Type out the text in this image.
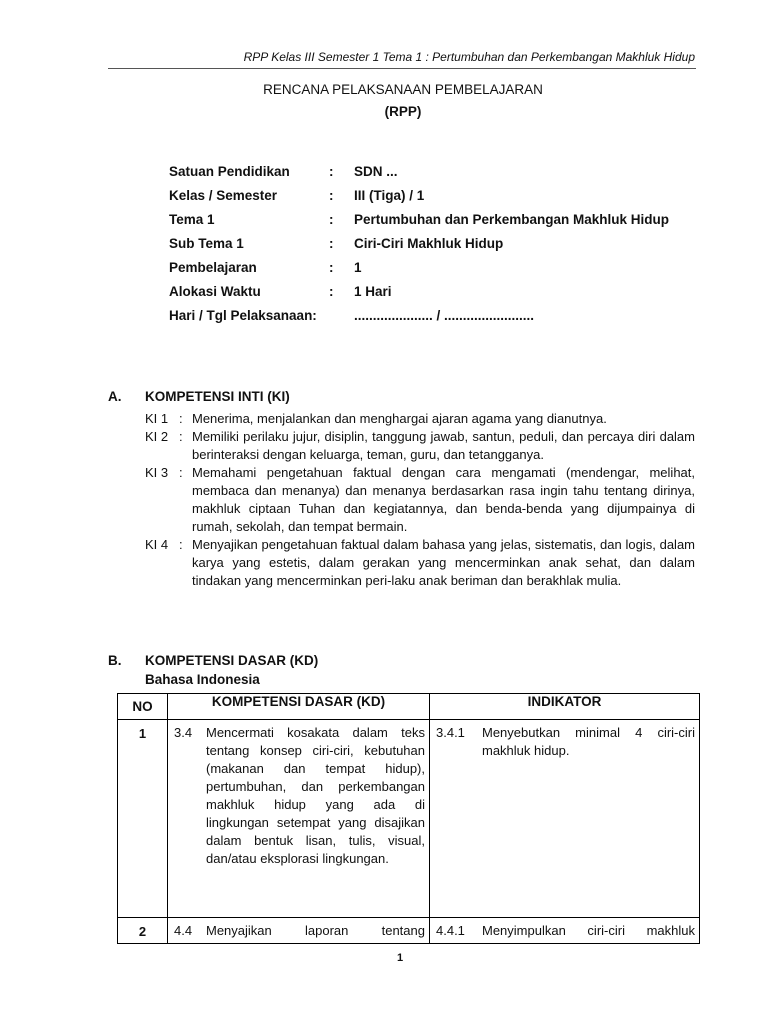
RPP Kelas III Semester 1 Tema 1 : Pertumbuhan dan Perkembangan Makhluk Hidup
RENCANA PELAKSANAAN PEMBELAJARAN
(RPP)
Satuan Pendidikan	:	SDN ...
Kelas / Semester	:	III (Tiga) / 1
Tema 1	:	Pertumbuhan dan Perkembangan Makhluk Hidup
Sub Tema 1	:	Ciri-Ciri Makhluk Hidup
Pembelajaran	:	1
Alokasi Waktu	:	1 Hari
Hari / Tgl Pelaksanaan:	..................... / ........................
A. KOMPETENSI INTI (KI)
KI 1 : Menerima, menjalankan dan menghargai ajaran agama yang dianutnya.
KI 2 : Memiliki perilaku jujur, disiplin, tanggung jawab, santun, peduli, dan percaya diri dalam berinteraksi dengan keluarga, teman, guru, dan tetangganya.
KI 3 : Memahami pengetahuan faktual dengan cara mengamati (mendengar, melihat, membaca dan menanya) dan menanya berdasarkan rasa ingin tahu tentang dirinya, makhluk ciptaan Tuhan dan kegiatannya, dan benda-benda yang dijumpainya di rumah, sekolah, dan tempat bermain.
KI 4 : Menyajikan pengetahuan faktual dalam bahasa yang jelas, sistematis, dan logis, dalam karya yang estetis, dalam gerakan yang mencerminkan anak sehat, dan dalam tindakan yang mencerminkan peri-laku anak beriman dan berakhlak mulia.
B. KOMPETENSI DASAR (KD)
Bahasa Indonesia
NO	KOMPETENSI DASAR (KD)	INDIKATOR
1	3.4 Mencermati kosakata dalam teks tentang konsep ciri-ciri, kebutuhan (makanan dan tempat hidup), pertumbuhan, dan perkembangan makhluk hidup yang ada di lingkungan setempat yang disajikan dalam bentuk lisan, tulis, visual, dan/atau eksplorasi lingkungan.	3.4.1 Menyebutkan minimal 4 ciri-ciri makhluk hidup.

2	4.4 Menyajikan laporan tentang	4.4.1 Menyimpulkan ciri-ciri makhluk
1
